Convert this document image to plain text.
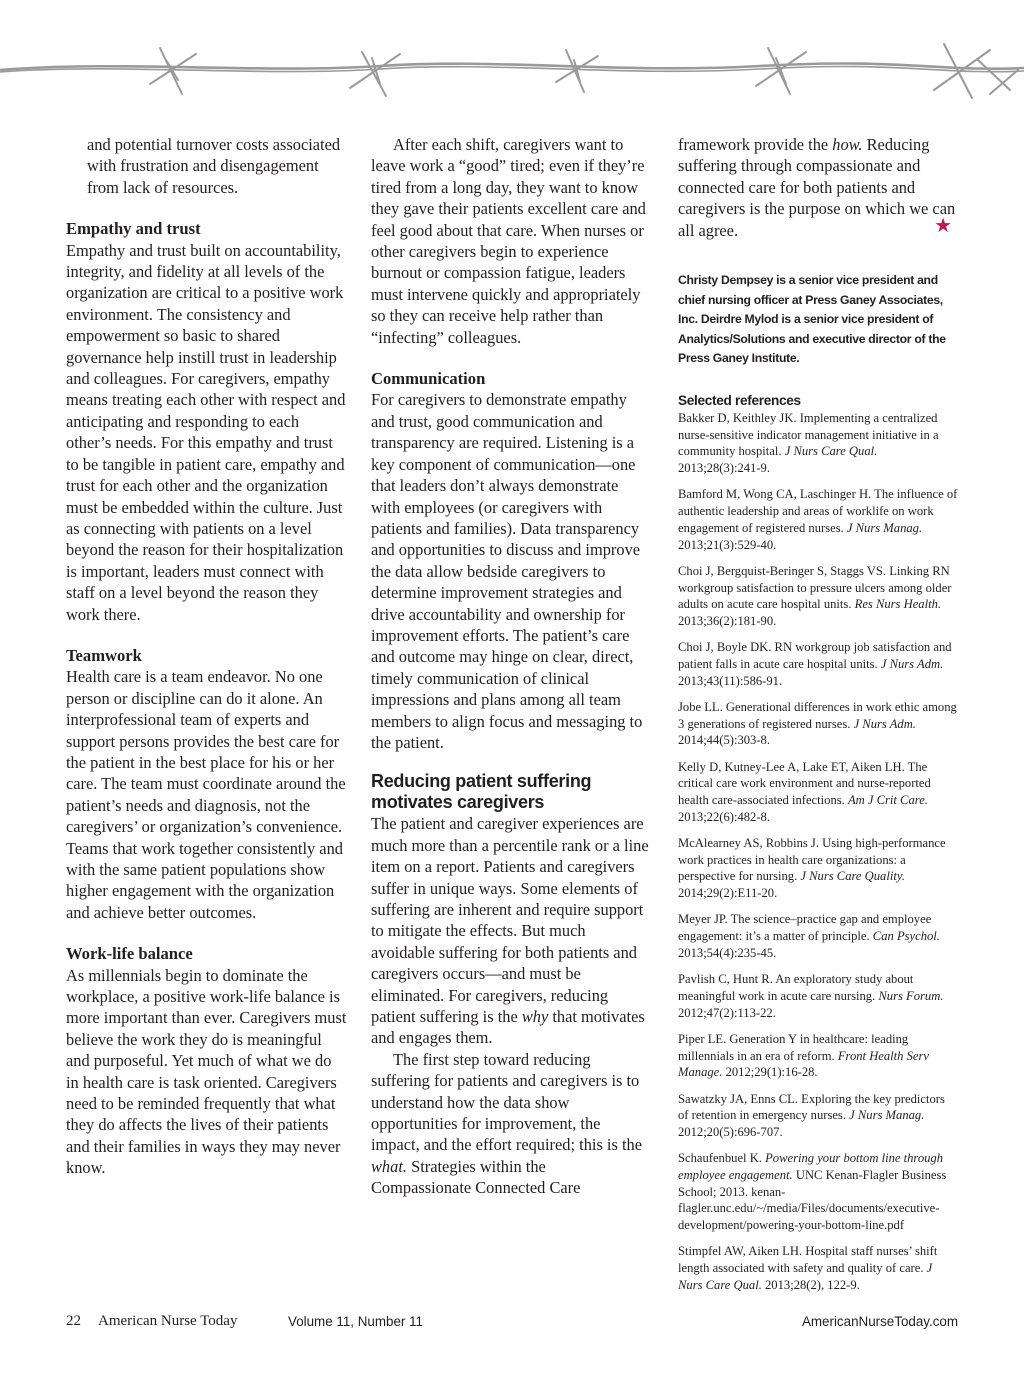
and potential turnover costs associated with frustration and disengagement from lack of resources.

Empathy and trust

Empathy and trust built on accountability, integrity, and fidelity at all levels of the organization are critical to a positive work environment. The consistency and empowerment so basic to shared governance help instill trust in leadership and colleagues. For caregivers, empathy means treating each other with respect and anticipating and responding to each other’s needs. For this empathy and trust to be tangible in patient care, empathy and trust for each other and the organization must be embedded within the culture. Just as connecting with patients on a level beyond the reason for their hospitalization is important, leaders must connect with staff on a level beyond the reason they work there.

Teamwork

Health care is a team endeavor. No one person or discipline can do it alone. An interprofessional team of experts and support persons provides the best care for the patient in the best place for his or her care. The team must coordinate around the patient’s needs and diagnosis, not the caregivers’ or organization’s convenience. Teams that work together consistently and with the same patient populations show higher engagement with the organization and achieve better outcomes.

Work-life balance

As millennials begin to dominate the workplace, a positive work-life balance is more important than ever. Caregivers must believe the work they do is meaningful and purposeful. Yet much of what we do in health care is task oriented. Caregivers need to be reminded frequently that what they do affects the lives of their patients and their families in ways they may never know.

After each shift, caregivers want to leave work a “good” tired; even if they’re tired from a long day, they want to know they gave their patients excellent care and feel good about that care. When nurses or other caregivers begin to experience burnout or compassion fatigue, leaders must intervene quickly and appropriately so they can receive help rather than “infecting” colleagues.

Communication

For caregivers to demonstrate empathy and trust, good communication and transparency are required. Listening is a key component of communication—one that leaders don’t always demonstrate with employees (or caregivers with patients and families). Data transparency and opportunities to discuss and improve the data allow bedside caregivers to determine improvement strategies and drive accountability and ownership for improvement efforts. The patient’s care and outcome may hinge on clear, direct, timely communication of clinical impressions and plans among all team members to align focus and messaging to the patient.

Reducing patient suffering motivates caregivers

The patient and caregiver experiences are much more than a percentile rank or a line item on a report. Patients and caregivers suffer in unique ways. Some elements of suffering are inherent and require support to mitigate the effects. But much avoidable suffering for both patients and caregivers occurs—and must be eliminated. For caregivers, reducing patient suffering is the why that motivates and engages them.

The first step toward reducing suffering for patients and caregivers is to understand how the data show opportunities for improvement, the impact, and the effort required; this is the what. Strategies within the Compassionate Connected Care

framework provide the how. Reducing suffering through compassionate and connected care for both patients and caregivers is the purpose on which we can all agree.	★

Christy Dempsey is a senior vice president and chief nursing officer at Press Ganey Associates, Inc. Deirdre Mylod is a senior vice president of Analytics/Solutions and executive director of the Press Ganey Institute.

Selected references

Bakker D, Keithley JK. Implementing a centralized nurse-sensitive indicator management initiative in a community hospital. J Nurs Care Qual. 2013;28(3):241-9.

Bamford M, Wong CA, Laschinger H. The influence of authentic leadership and areas of worklife on work engagement of registered nurses. J Nurs Manag. 2013;21(3):529-40.

Choi J, Bergquist-Beringer S, Staggs VS. Linking RN workgroup satisfaction to pressure ulcers among older adults on acute care hospital units. Res Nurs Health. 2013;36(2):181-90.

Choi J, Boyle DK. RN workgroup job satisfaction and patient falls in acute care hospital units. J Nurs Adm. 2013;43(11):586-91.

Jobe LL. Generational differences in work ethic among 3 generations of registered nurses. J Nurs Adm. 2014;44(5):303-8.

Kelly D, Kutney-Lee A, Lake ET, Aiken LH. The critical care work environment and nurse-reported health care-associated infections. Am J Crit Care. 2013;22(6):482-8.

McAlearney AS, Robbins J. Using high-performance work practices in health care organizations: a perspective for nursing. J Nurs Care Quality. 2014;29(2):E11-20.

Meyer JP. The science–practice gap and employee engagement: it’s a matter of principle. Can Psychol. 2013;54(4):235-45.

Pavlish C, Hunt R. An exploratory study about meaningful work in acute care nursing. Nurs Forum. 2012;47(2):113-22.

Piper LE. Generation Y in healthcare: leading millennials in an era of reform. Front Health Serv Manage. 2012;29(1):16-28.

Sawatzky JA, Enns CL. Exploring the key predictors of retention in emergency nurses. J Nurs Manag. 2012;20(5):696-707.

Schaufenbuel K. Powering your bottom line through employee engagement. UNC Kenan-Flagler Business School; 2013. kenan-flagler.unc.edu/~/media/Files/documents/executive-development/powering-your-bottom-line.pdf

Stimpfel AW, Aiken LH. Hospital staff nurses’ shift length associated with safety and quality of care. J Nurs Care Qual. 2013;28(2), 122-9.

22 American Nurse Today	Volume 11, Number 11	AmericanNurseToday.com
